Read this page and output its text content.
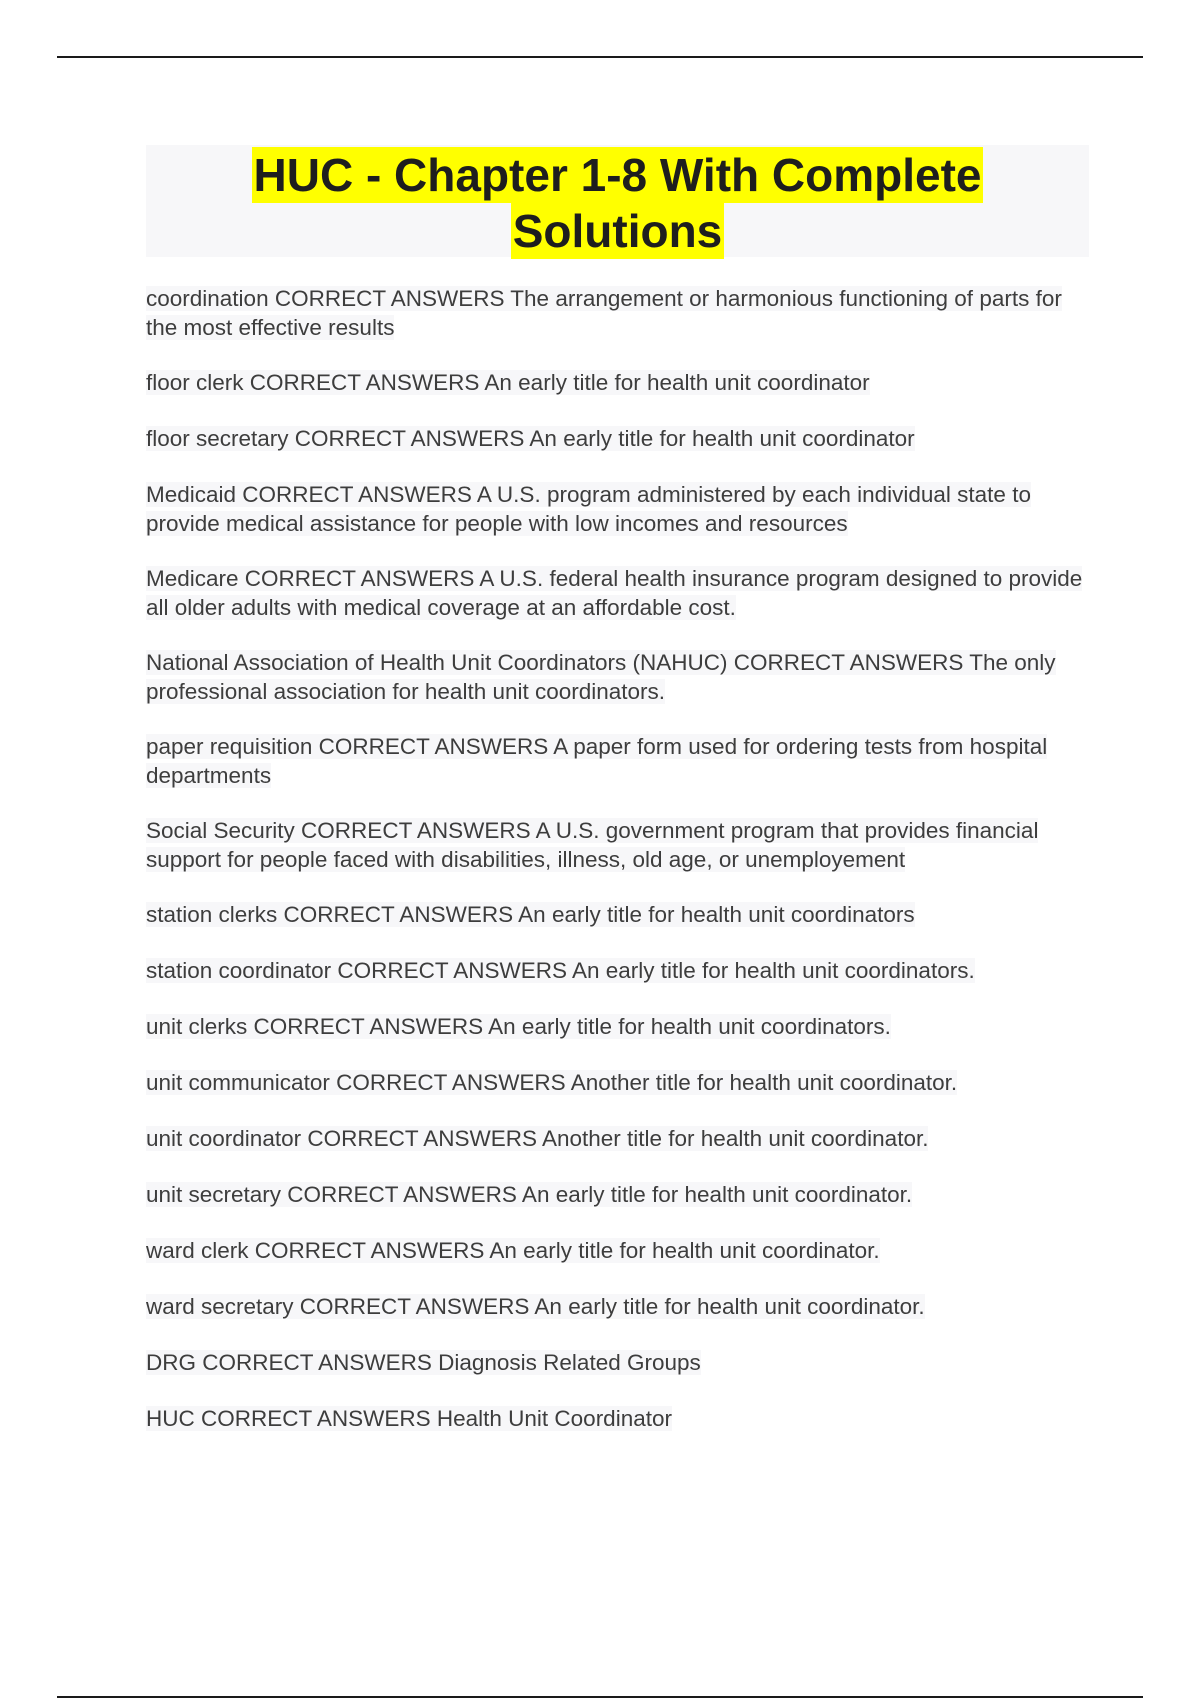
HUC - Chapter 1-8 With Complete
Solutions

coordination CORRECT ANSWERS The arrangement or harmonious functioning of parts for the most effective results

floor clerk CORRECT ANSWERS An early title for health unit coordinator

floor secretary CORRECT ANSWERS An early title for health unit coordinator

Medicaid CORRECT ANSWERS A U.S. program administered by each individual state to provide medical assistance for people with low incomes and resources

Medicare CORRECT ANSWERS A U.S. federal health insurance program designed to provide all older adults with medical coverage at an affordable cost.

National Association of Health Unit Coordinators (NAHUC) CORRECT ANSWERS The only professional association for health unit coordinators.

paper requisition CORRECT ANSWERS A paper form used for ordering tests from hospital departments

Social Security CORRECT ANSWERS A U.S. government program that provides financial support for people faced with disabilities, illness, old age, or unemployement

station clerks CORRECT ANSWERS An early title for health unit coordinators

station coordinator CORRECT ANSWERS An early title for health unit coordinators.

unit clerks CORRECT ANSWERS An early title for health unit coordinators.

unit communicator CORRECT ANSWERS Another title for health unit coordinator.

unit coordinator CORRECT ANSWERS Another title for health unit coordinator.

unit secretary CORRECT ANSWERS An early title for health unit coordinator.

ward clerk CORRECT ANSWERS An early title for health unit coordinator.

ward secretary CORRECT ANSWERS An early title for health unit coordinator.

DRG CORRECT ANSWERS Diagnosis Related Groups

HUC CORRECT ANSWERS Health Unit Coordinator
